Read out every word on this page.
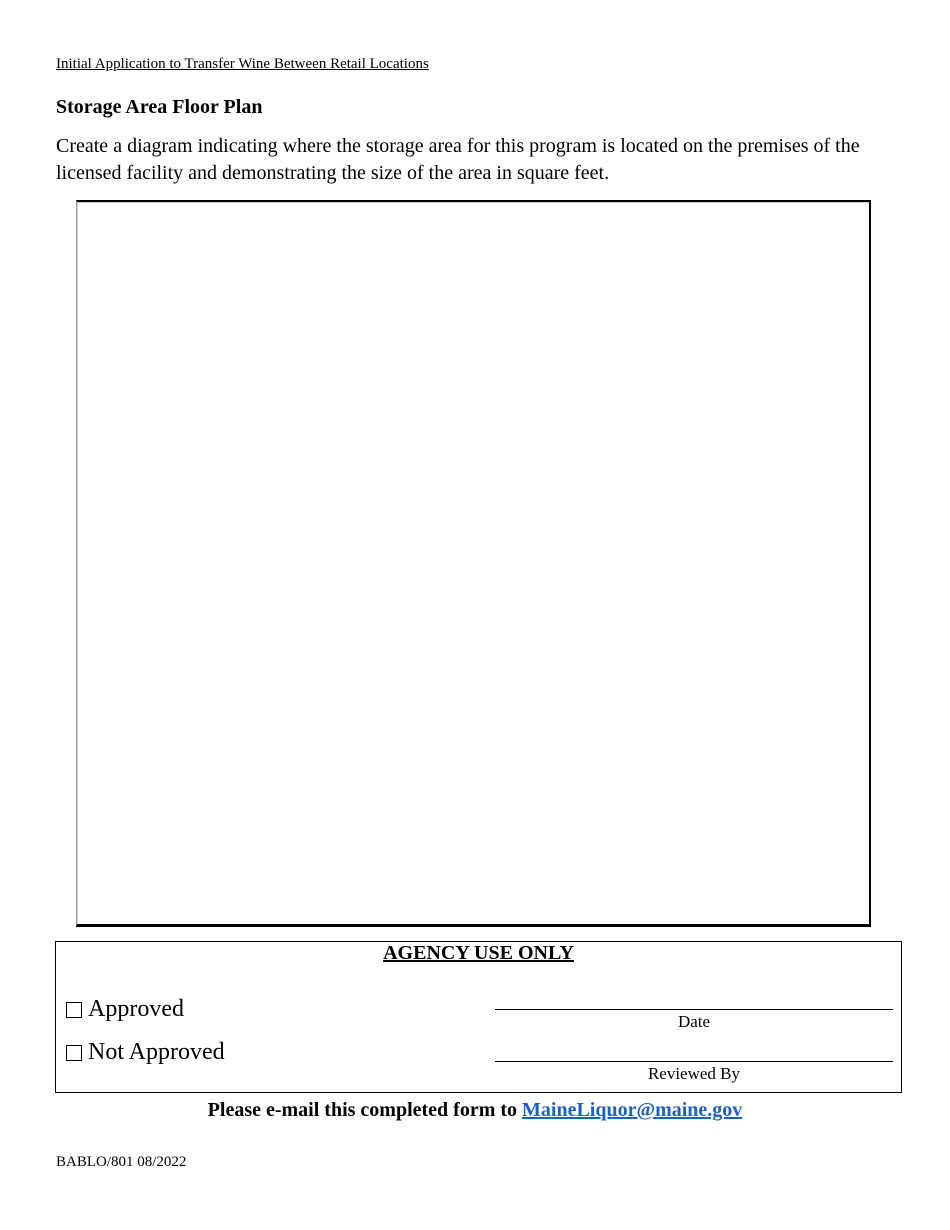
Initial Application to Transfer Wine Between Retail Locations
Storage Area Floor Plan
Create a diagram indicating where the storage area for this program is located on the premises of the licensed facility and demonstrating the size of the area in square feet.
AGENCY USE ONLY
Approved
Not Approved
Date
Reviewed By
Please e-mail this completed form to MaineLiquor@maine.gov
BABLO/801 08/2022
